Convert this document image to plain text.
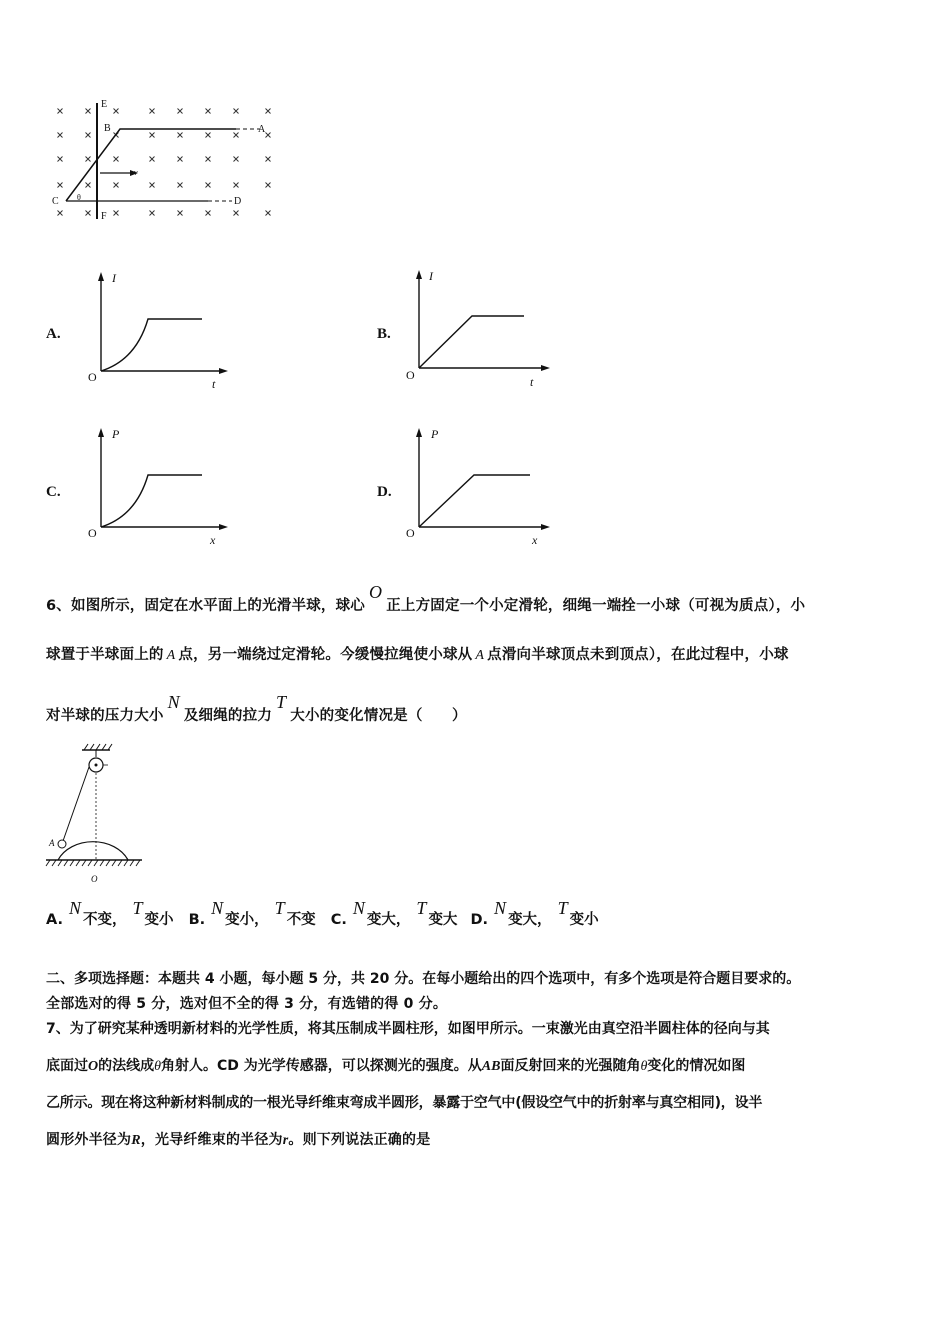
E
B	A
C θ
F
D
v
A.
I
t
O
B.
I
t
O
C.
P
x
O
D.
P
x
O
6、如图所示，固定在水平面上的光滑半球，球心O正上方固定一个小定滑轮，细绳一端拴一小球（可视为质点），小
球置于半球面上的 A 点，另一端绕过定滑轮。今缓慢拉绳使小球从 A 点滑向半球顶点未到顶点），在此过程中，小球
对半球的压力大小N及细绳的拉力T大小的变化情况是（　　）
A
O
A.N不变，T变小 B.N变小，T不变 C.N变大，T变大 D.N变大，T变小
二、多项选择题：本题共 4 小题，每小题 5 分，共 20 分。在每小题给出的四个选项中，有多个选项是符合题目要求的。
全部选对的得 5 分，选对但不全的得 3 分，有选错的得 0 分。
7、为了研究某种透明新材料的光学性质，将其压制成半圆柱形，如图甲所示。一束激光由真空沿半圆柱体的径向与其
底面过O的法线成θ角射人。CD 为光学传感器，可以探测光的强度。从AB面反射回来的光强随角θ变化的情况如图
乙所示。现在将这种新材料制成的一根光导纤维束弯成半圆形，暴露于空气中(假设空气中的折射率与真空相同)，设半
圆形外半径为R，光导纤维束的半径为r。则下列说法正确的是
